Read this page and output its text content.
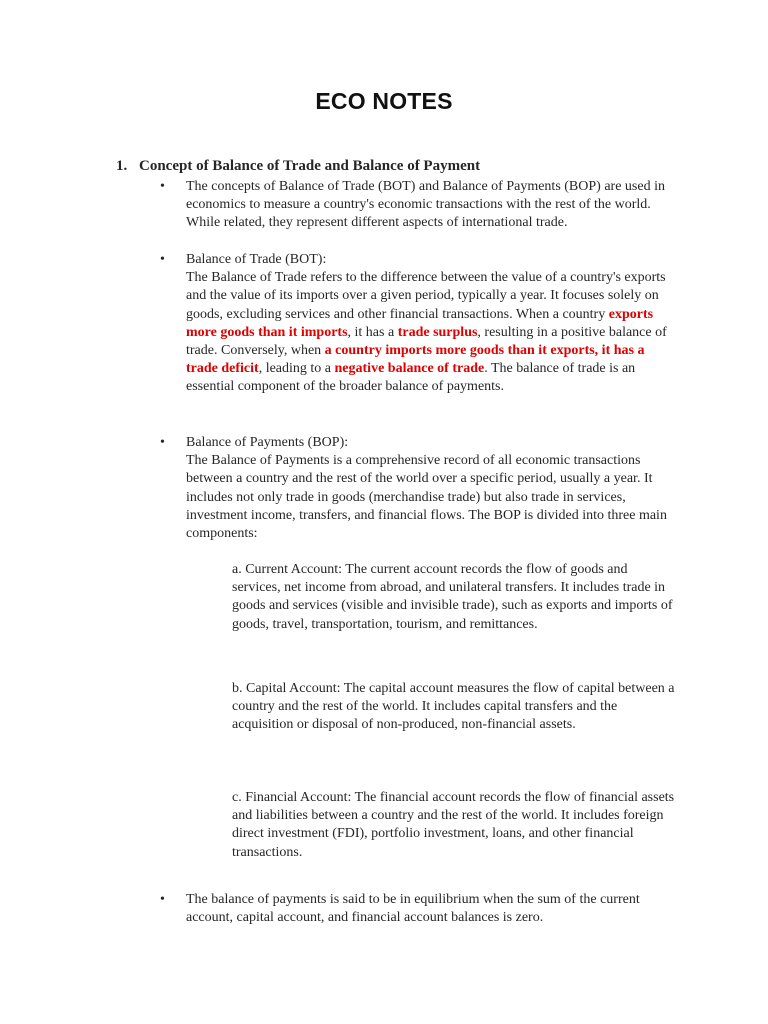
ECO NOTES
1. Concept of Balance of Trade and Balance of Payment
• The concepts of Balance of Trade (BOT) and Balance of Payments (BOP) are used in economics to measure a country's economic transactions with the rest of the world. While related, they represent different aspects of international trade.

• Balance of Trade (BOT):

The Balance of Trade refers to the difference between the value of a country's exports and the value of its imports over a given period, typically a year. It focuses solely on goods, excluding services and other financial transactions. When a country exports more goods than it imports, it has a trade surplus, resulting in a positive balance of trade. Conversely, when a country imports more goods than it exports, it has a trade deficit, leading to a negative balance of trade. The balance of trade is an essential component of the broader balance of payments.

• Balance of Payments (BOP):

The Balance of Payments is a comprehensive record of all economic transactions between a country and the rest of the world over a specific period, usually a year. It includes not only trade in goods (merchandise trade) but also trade in services, investment income, transfers, and financial flows. The BOP is divided into three main components:

a. Current Account: The current account records the flow of goods and services, net income from abroad, and unilateral transfers. It includes trade in goods and services (visible and invisible trade), such as exports and imports of goods, travel, transportation, tourism, and remittances.

b. Capital Account: The capital account measures the flow of capital between a country and the rest of the world. It includes capital transfers and the acquisition or disposal of non-produced, non-financial assets.

c. Financial Account: The financial account records the flow of financial assets and liabilities between a country and the rest of the world. It includes foreign direct investment (FDI), portfolio investment, loans, and other financial transactions.

• The balance of payments is said to be in equilibrium when the sum of the current account, capital account, and financial account balances is zero.
